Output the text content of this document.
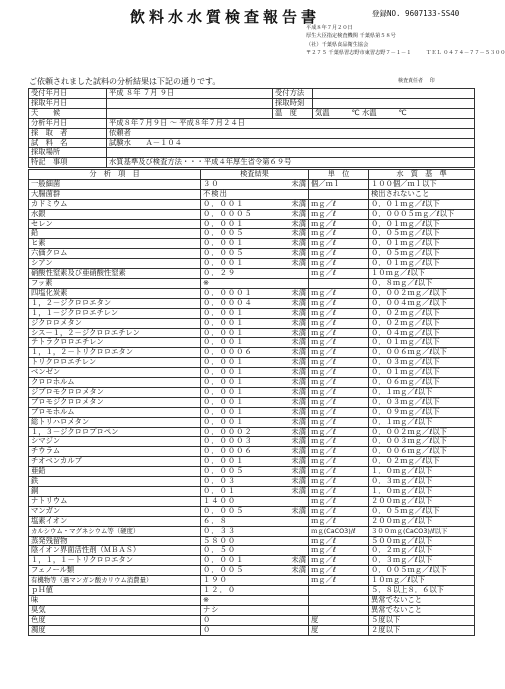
飲料水水質検査報告書	登録NO. 9607133-SS40
平成８年７月２０日
厚生大臣指定検査機関 千葉県第５８号
（社）千葉県食品衛生協会
〒２７５ 千葉県習志野市東習志野７－１－１	ＴＥＬ ０４７４－７７－５３００
ご依頼されました試料の分析結果は下記の通りです。	検査責任者 　印
受付年月日	平成 ８年 ７月 ９日	受付方法	
採取年月日		採取時刻	
天　　候		温　度	気温　　　℃ 水温　　　℃
分析年月日	平成８年７月９日 ～ 平成８年７月２４日		
採　取　者	依頼者		
試　料　名	試験水　　Ａ－１０４		
採取場所			
特記　事項	水質基準及び検査方法・・・平成４年厚生省令第６９号		
分　析　項　目	検査結果	単　位	水　質　基　準
一般細菌	３０ 未満	個／ｍｌ	１００個／ｍｌ以下
大腸菌群	不検出		検出されないこと
カドミウム	０．００１ 未満	ｍｇ／ℓ	０．０１ｍｇ／ℓ以下
水銀	０．０００５ 未満	ｍｇ／ℓ	０．０００５ｍｇ／ℓ以下
セレン	０．００１ 未満	ｍｇ／ℓ	０．０１ｍｇ／ℓ以下
鉛	０．００５ 未満	ｍｇ／ℓ	０．０５ｍｇ／ℓ以下
ヒ素	０．００１ 未満	ｍｇ／ℓ	０．０１ｍｇ／ℓ以下
六価クロム	０．００５ 未満	ｍｇ／ℓ	０．０５ｍｇ／ℓ以下
シアン	０．００１ 未満	ｍｇ／ℓ	０．０１ｍｇ／ℓ以下
硝酸性窒素及び亜硝酸性窒素	０．２９	ｍｇ／ℓ	１０ｍｇ／ℓ以下
フッ素	※		０．８ｍｇ／ℓ以下
四塩化炭素	０．０００１ 未満	ｍｇ／ℓ	０．００２ｍｇ／ℓ以下
１，２－ジクロロエタン	０．０００４ 未満	ｍｇ／ℓ	０．００４ｍｇ／ℓ以下
１，１－ジクロロエチレン	０．００１ 未満	ｍｇ／ℓ	０．０２ｍｇ／ℓ以下
ジクロロメタン	０．００１ 未満	ｍｇ／ℓ	０．０２ｍｇ／ℓ以下
シス－１，２－ジクロロエチレン	０．００１ 未満	ｍｇ／ℓ	０．０４ｍｇ／ℓ以下
テトラクロロエチレン	０．００１ 未満	ｍｇ／ℓ	０．０１ｍｇ／ℓ以下
１，１，２－トリクロロエタン	０．０００６ 未満	ｍｇ／ℓ	０．００６ｍｇ／ℓ以下
トリクロロエチレン	０．００１ 未満	ｍｇ／ℓ	０．０３ｍｇ／ℓ以下
ベンゼン	０．００１ 未満	ｍｇ／ℓ	０．０１ｍｇ／ℓ以下
クロロホルム	０．００１ 未満	ｍｇ／ℓ	０．０６ｍｇ／ℓ以下
ジブロモクロロメタン	０．００１ 未満	ｍｇ／ℓ	０．１ｍｇ／ℓ以下
ブロモジクロロメタン	０．００１ 未満	ｍｇ／ℓ	０．０３ｍｇ／ℓ以下
ブロモホルム	０．００１ 未満	ｍｇ／ℓ	０．０９ｍｇ／ℓ以下
総トリハロメタン	０．００１ 未満	ｍｇ／ℓ	０．１ｍｇ／ℓ以下
１，３－ジクロロプロペン	０．０００２ 未満	ｍｇ／ℓ	０．００２ｍｇ／ℓ以下
シマジン	０．０００３ 未満	ｍｇ／ℓ	０．００３ｍｇ／ℓ以下
チウラム	０．０００６ 未満	ｍｇ／ℓ	０．００６ｍｇ／ℓ以下
チオベンカルブ	０．００１ 未満	ｍｇ／ℓ	０．０２ｍｇ／ℓ以下
亜鉛	０．００５ 未満	ｍｇ／ℓ	１．０ｍｇ／ℓ以下
鉄	０．０３ 未満	ｍｇ／ℓ	０．３ｍｇ／ℓ以下
銅	０．０１ 未満	ｍｇ／ℓ	１．０ｍｇ／ℓ以下
ナトリウム	１４００	ｍｇ／ℓ	２００ｍｇ／ℓ以下
マンガン	０．００５ 未満	ｍｇ／ℓ	０．０５ｍｇ／ℓ以下
塩素イオン	６．８	ｍｇ／ℓ	２００ｍｇ／ℓ以下
カルシウム・マグネシウム等（硬度）	０．３３	ｍｇ(CaCO3)/ℓ	３００ｍｇ(CaCO3)/ℓ以下
蒸発残留物	５８００	ｍｇ／ℓ	５００ｍｇ／ℓ以下
陰イオン界面活性剤（ＭＢＡＳ）	０．５０	ｍｇ／ℓ	０．２ｍｇ／ℓ以下
１，１，１－トリクロロエタン	０．００１ 未満	ｍｇ／ℓ	０．３ｍｇ／ℓ以下
フェノール類	０．００５ 未満	ｍｇ／ℓ	０．００５ｍｇ／ℓ以下
有機物等（過マンガン酸カリウム消費量）	１９０	ｍｇ／ℓ	１０ｍｇ／ℓ以下
ｐＨ値	１２．０		５．８以上８．６以下
味	※		異常でないこと
臭気	ナシ		異常でないこと
色度	０	度	５度以下
濁度	０	度	２度以下
